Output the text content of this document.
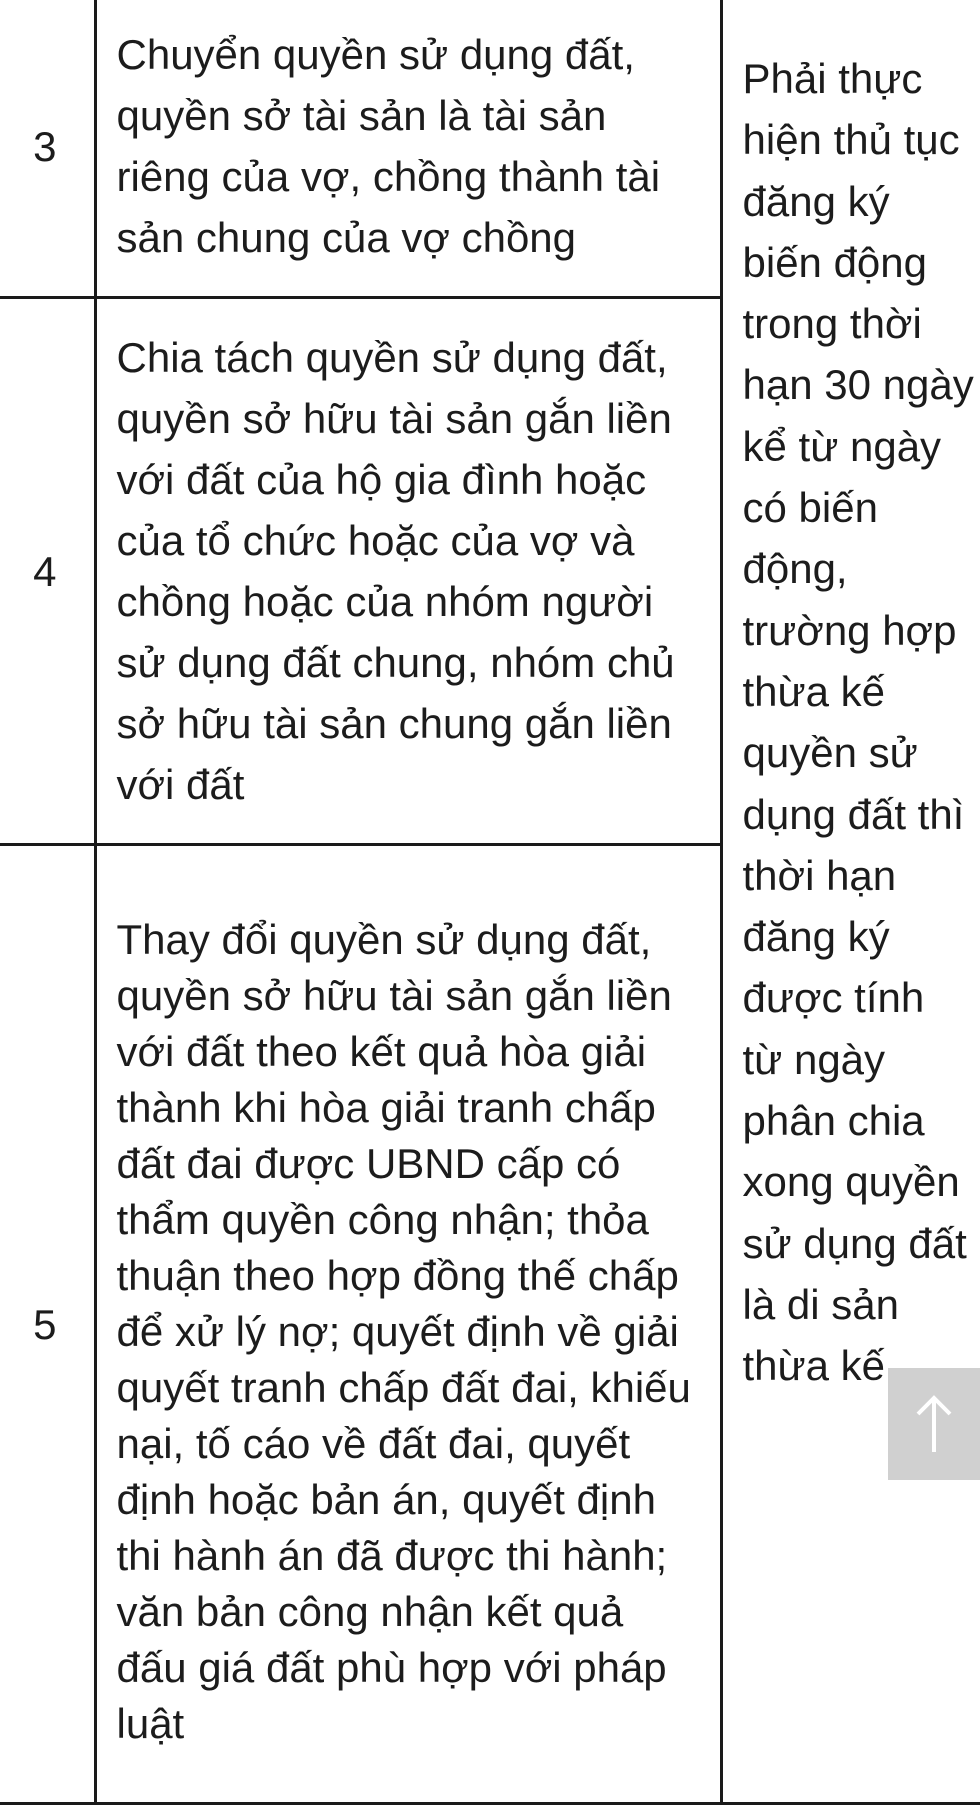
3	Chuyển quyền sử dụng đất, quyền sở tài sản là tài sản riêng của vợ, chồng thành tài sản chung của vợ chồng	Phải thực hiện thủ tục đăng ký biến động trong thời hạn 30 ngày kể từ ngày có biến động, trường hợp thừa kế quyền sử dụng đất thì thời hạn đăng ký được tính từ ngày phân chia xong quyền sử dụng đất là di sản thừa kế
4	Chia tách quyền sử dụng đất, quyền sở hữu tài sản gắn liền với đất của hộ gia đình hoặc của tổ chức hoặc của vợ và chồng hoặc của nhóm người sử dụng đất chung, nhóm chủ sở hữu tài sản chung gắn liền với đất	
5	Thay đổi quyền sử dụng đất, quyền sở hữu tài sản gắn liền với đất theo kết quả hòa giải thành khi hòa giải tranh chấp đất đai được UBND cấp có thẩm quyền công nhận; thỏa thuận theo hợp đồng thế chấp để xử lý nợ; quyết định về giải quyết tranh chấp đất đai, khiếu nại, tố cáo về đất đai, quyết định hoặc bản án, quyết định thi hành án đã được thi hành; văn bản công nhận kết quả đấu giá đất phù hợp với pháp luật	
